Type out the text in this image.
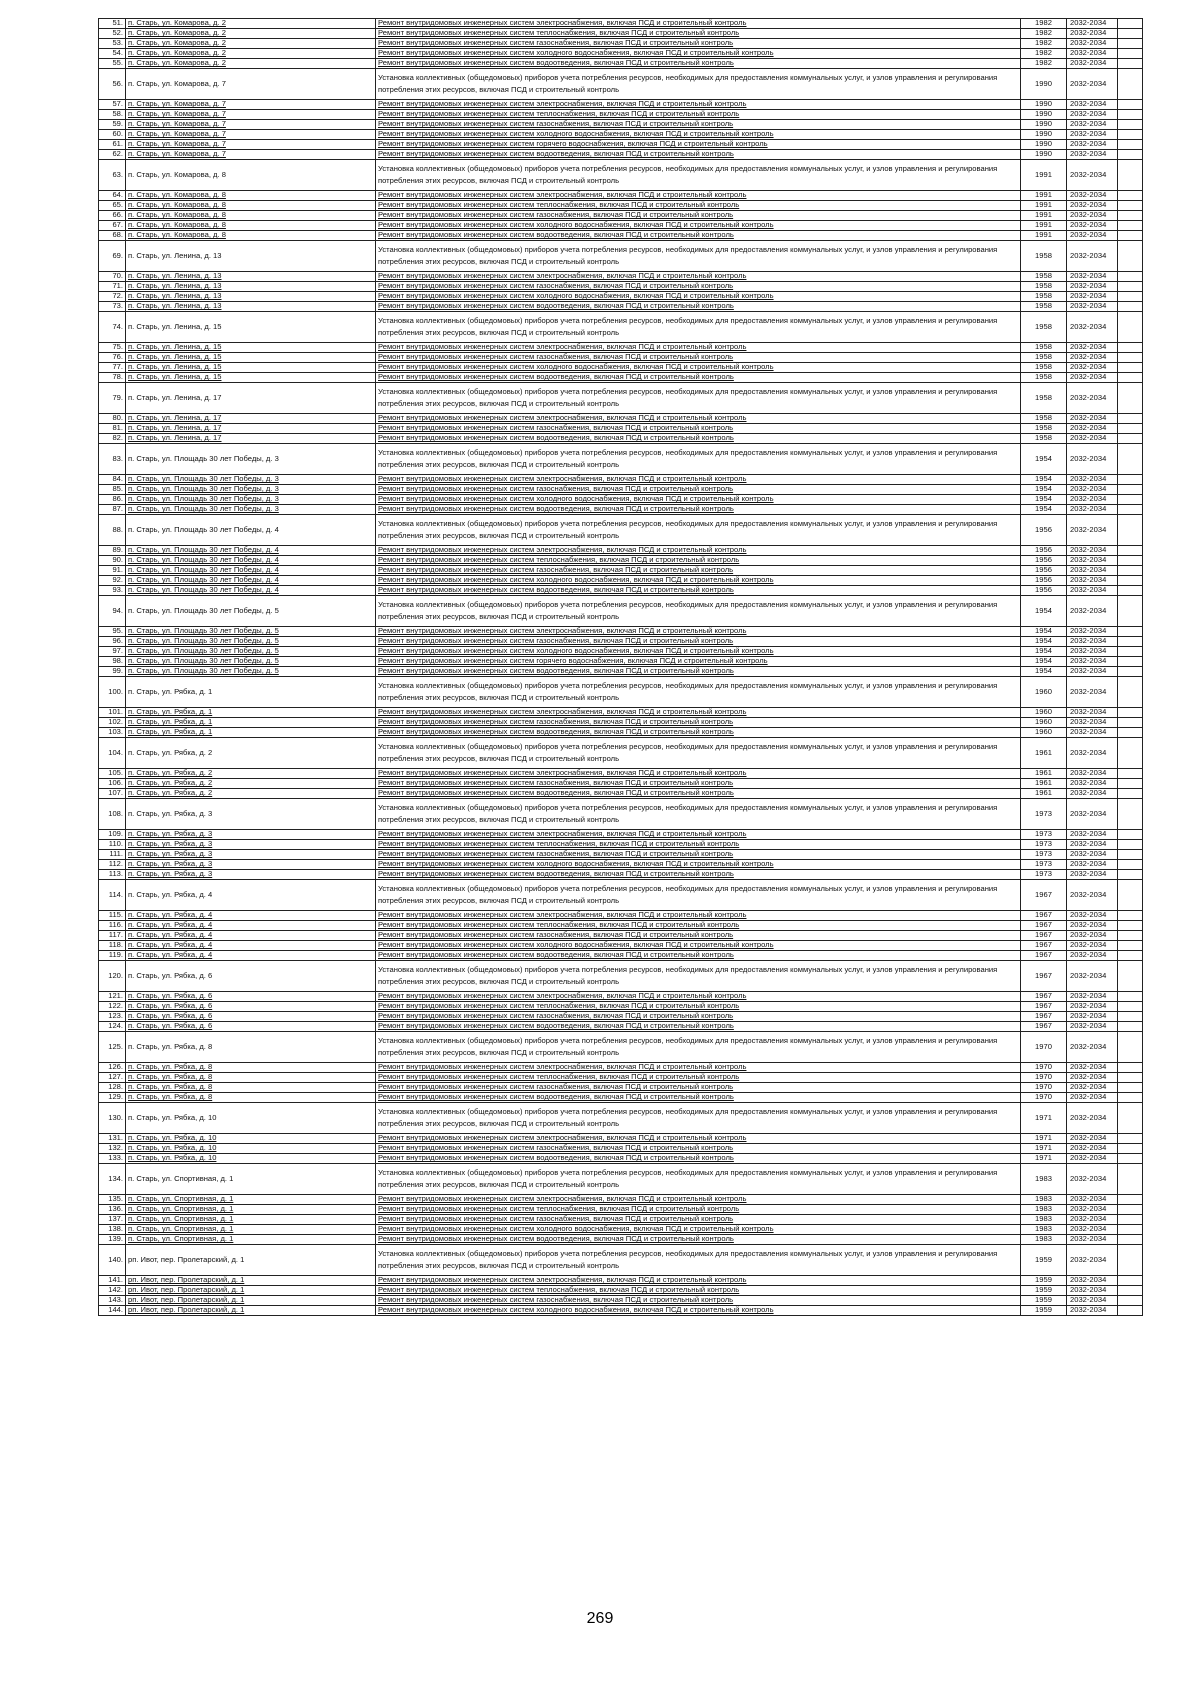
51.	п. Старь, ул. Комарова, д. 2	Ремонт внутридомовых инженерных систем электроснабжения, включая ПСД и строительный контроль	1982	2032-2034	
52.	п. Старь, ул. Комарова, д. 2	Ремонт внутридомовых инженерных систем теплоснабжения, включая ПСД и строительный контроль	1982	2032-2034	
53.	п. Старь, ул. Комарова, д. 2	Ремонт внутридомовых инженерных систем газоснабжения, включая ПСД и строительный контроль	1982	2032-2034	
54.	п. Старь, ул. Комарова, д. 2	Ремонт внутридомовых инженерных систем холодного водоснабжения, включая ПСД и строительный контроль	1982	2032-2034	
55.	п. Старь, ул. Комарова, д. 2	Ремонт внутридомовых инженерных систем водоотведения, включая ПСД и строительный контроль	1982	2032-2034	
56.	п. Старь, ул. Комарова, д. 7	Установка коллективных (общедомовых) приборов учета потребления ресурсов, необходимых для предоставления коммунальных услуг, и узлов управления и регулирования потребления этих ресурсов, включая ПСД и строительный контроль	1990	2032-2034	
57.	п. Старь, ул. Комарова, д. 7	Ремонт внутридомовых инженерных систем электроснабжения, включая ПСД и строительный контроль	1990	2032-2034	
58.	п. Старь, ул. Комарова, д. 7	Ремонт внутридомовых инженерных систем теплоснабжения, включая ПСД и строительный контроль	1990	2032-2034	
59.	п. Старь, ул. Комарова, д. 7	Ремонт внутридомовых инженерных систем газоснабжения, включая ПСД и строительный контроль	1990	2032-2034	
60.	п. Старь, ул. Комарова, д. 7	Ремонт внутридомовых инженерных систем холодного водоснабжения, включая ПСД и строительный контроль	1990	2032-2034	
61.	п. Старь, ул. Комарова, д. 7	Ремонт внутридомовых инженерных систем горячего водоснабжения, включая ПСД и строительный контроль	1990	2032-2034	
62.	п. Старь, ул. Комарова, д. 7	Ремонт внутридомовых инженерных систем водоотведения, включая ПСД и строительный контроль	1990	2032-2034	
63.	п. Старь, ул. Комарова, д. 8	Установка коллективных (общедомовых) приборов учета потребления ресурсов, необходимых для предоставления коммунальных услуг, и узлов управления и регулирования потребления этих ресурсов, включая ПСД и строительный контроль	1991	2032-2034	
64.	п. Старь, ул. Комарова, д. 8	Ремонт внутридомовых инженерных систем электроснабжения, включая ПСД и строительный контроль	1991	2032-2034	
65.	п. Старь, ул. Комарова, д. 8	Ремонт внутридомовых инженерных систем теплоснабжения, включая ПСД и строительный контроль	1991	2032-2034	
66.	п. Старь, ул. Комарова, д. 8	Ремонт внутридомовых инженерных систем газоснабжения, включая ПСД и строительный контроль	1991	2032-2034	
67.	п. Старь, ул. Комарова, д. 8	Ремонт внутридомовых инженерных систем холодного водоснабжения, включая ПСД и строительный контроль	1991	2032-2034	
68.	п. Старь, ул. Комарова, д. 8	Ремонт внутридомовых инженерных систем водоотведения, включая ПСД и строительный контроль	1991	2032-2034	
69.	п. Старь, ул. Ленина, д. 13	Установка коллективных (общедомовых) приборов учета потребления ресурсов, необходимых для предоставления коммунальных услуг, и узлов управления и регулирования потребления этих ресурсов, включая ПСД и строительный контроль	1958	2032-2034	
70.	п. Старь, ул. Ленина, д. 13	Ремонт внутридомовых инженерных систем электроснабжения, включая ПСД и строительный контроль	1958	2032-2034	
71.	п. Старь, ул. Ленина, д. 13	Ремонт внутридомовых инженерных систем газоснабжения, включая ПСД и строительный контроль	1958	2032-2034	
72.	п. Старь, ул. Ленина, д. 13	Ремонт внутридомовых инженерных систем холодного водоснабжения, включая ПСД и строительный контроль	1958	2032-2034	
73.	п. Старь, ул. Ленина, д. 13	Ремонт внутридомовых инженерных систем водоотведения, включая ПСД и строительный контроль	1958	2032-2034	
74.	п. Старь, ул. Ленина, д. 15	Установка коллективных (общедомовых) приборов учета потребления ресурсов, необходимых для предоставления коммунальных услуг, и узлов управления и регулирования потребления этих ресурсов, включая ПСД и строительный контроль	1958	2032-2034	
75.	п. Старь, ул. Ленина, д. 15	Ремонт внутридомовых инженерных систем электроснабжения, включая ПСД и строительный контроль	1958	2032-2034	
76.	п. Старь, ул. Ленина, д. 15	Ремонт внутридомовых инженерных систем газоснабжения, включая ПСД и строительный контроль	1958	2032-2034	
77.	п. Старь, ул. Ленина, д. 15	Ремонт внутридомовых инженерных систем холодного водоснабжения, включая ПСД и строительный контроль	1958	2032-2034	
78.	п. Старь, ул. Ленина, д. 15	Ремонт внутридомовых инженерных систем водоотведения, включая ПСД и строительный контроль	1958	2032-2034	
79.	п. Старь, ул. Ленина, д. 17	Установка коллективных (общедомовых) приборов учета потребления ресурсов, необходимых для предоставления коммунальных услуг, и узлов управления и регулирования потребления этих ресурсов, включая ПСД и строительный контроль	1958	2032-2034	
80.	п. Старь, ул. Ленина, д. 17	Ремонт внутридомовых инженерных систем электроснабжения, включая ПСД и строительный контроль	1958	2032-2034	
81.	п. Старь, ул. Ленина, д. 17	Ремонт внутридомовых инженерных систем газоснабжения, включая ПСД и строительный контроль	1958	2032-2034	
82.	п. Старь, ул. Ленина, д. 17	Ремонт внутридомовых инженерных систем водоотведения, включая ПСД и строительный контроль	1958	2032-2034	
83.	п. Старь, ул. Площадь 30 лет Победы, д. 3	Установка коллективных (общедомовых) приборов учета потребления ресурсов, необходимых для предоставления коммунальных услуг, и узлов управления и регулирования потребления этих ресурсов, включая ПСД и строительный контроль	1954	2032-2034	
84.	п. Старь, ул. Площадь 30 лет Победы, д. 3	Ремонт внутридомовых инженерных систем электроснабжения, включая ПСД и строительный контроль	1954	2032-2034	
85.	п. Старь, ул. Площадь 30 лет Победы, д. 3	Ремонт внутридомовых инженерных систем газоснабжения, включая ПСД и строительный контроль	1954	2032-2034	
86.	п. Старь, ул. Площадь 30 лет Победы, д. 3	Ремонт внутридомовых инженерных систем холодного водоснабжения, включая ПСД и строительный контроль	1954	2032-2034	
87.	п. Старь, ул. Площадь 30 лет Победы, д. 3	Ремонт внутридомовых инженерных систем водоотведения, включая ПСД и строительный контроль	1954	2032-2034	
88.	п. Старь, ул. Площадь 30 лет Победы, д. 4	Установка коллективных (общедомовых) приборов учета потребления ресурсов, необходимых для предоставления коммунальных услуг, и узлов управления и регулирования потребления этих ресурсов, включая ПСД и строительный контроль	1956	2032-2034	
89.	п. Старь, ул. Площадь 30 лет Победы, д. 4	Ремонт внутридомовых инженерных систем электроснабжения, включая ПСД и строительный контроль	1956	2032-2034	
90.	п. Старь, ул. Площадь 30 лет Победы, д. 4	Ремонт внутридомовых инженерных систем теплоснабжения, включая ПСД и строительный контроль	1956	2032-2034	
91.	п. Старь, ул. Площадь 30 лет Победы, д. 4	Ремонт внутридомовых инженерных систем газоснабжения, включая ПСД и строительный контроль	1956	2032-2034	
92.	п. Старь, ул. Площадь 30 лет Победы, д. 4	Ремонт внутридомовых инженерных систем холодного водоснабжения, включая ПСД и строительный контроль	1956	2032-2034	
93.	п. Старь, ул. Площадь 30 лет Победы, д. 4	Ремонт внутридомовых инженерных систем водоотведения, включая ПСД и строительный контроль	1956	2032-2034	
94.	п. Старь, ул. Площадь 30 лет Победы, д. 5	Установка коллективных (общедомовых) приборов учета потребления ресурсов, необходимых для предоставления коммунальных услуг, и узлов управления и регулирования потребления этих ресурсов, включая ПСД и строительный контроль	1954	2032-2034	
95.	п. Старь, ул. Площадь 30 лет Победы, д. 5	Ремонт внутридомовых инженерных систем электроснабжения, включая ПСД и строительный контроль	1954	2032-2034	
96.	п. Старь, ул. Площадь 30 лет Победы, д. 5	Ремонт внутридомовых инженерных систем газоснабжения, включая ПСД и строительный контроль	1954	2032-2034	
97.	п. Старь, ул. Площадь 30 лет Победы, д. 5	Ремонт внутридомовых инженерных систем холодного водоснабжения, включая ПСД и строительный контроль	1954	2032-2034	
98.	п. Старь, ул. Площадь 30 лет Победы, д. 5	Ремонт внутридомовых инженерных систем горячего водоснабжения, включая ПСД и строительный контроль	1954	2032-2034	
99.	п. Старь, ул. Площадь 30 лет Победы, д. 5	Ремонт внутридомовых инженерных систем водоотведения, включая ПСД и строительный контроль	1954	2032-2034	
100.	п. Старь, ул. Рябка, д. 1	Установка коллективных (общедомовых) приборов учета потребления ресурсов, необходимых для предоставления коммунальных услуг, и узлов управления и регулирования потребления этих ресурсов, включая ПСД и строительный контроль	1960	2032-2034	
101.	п. Старь, ул. Рябка, д. 1	Ремонт внутридомовых инженерных систем электроснабжения, включая ПСД и строительный контроль	1960	2032-2034	
102.	п. Старь, ул. Рябка, д. 1	Ремонт внутридомовых инженерных систем газоснабжения, включая ПСД и строительный контроль	1960	2032-2034	
103.	п. Старь, ул. Рябка, д. 1	Ремонт внутридомовых инженерных систем водоотведения, включая ПСД и строительный контроль	1960	2032-2034	
104.	п. Старь, ул. Рябка, д. 2	Установка коллективных (общедомовых) приборов учета потребления ресурсов, необходимых для предоставления коммунальных услуг, и узлов управления и регулирования потребления этих ресурсов, включая ПСД и строительный контроль	1961	2032-2034	
105.	п. Старь, ул. Рябка, д. 2	Ремонт внутридомовых инженерных систем электроснабжения, включая ПСД и строительный контроль	1961	2032-2034	
106.	п. Старь, ул. Рябка, д. 2	Ремонт внутридомовых инженерных систем газоснабжения, включая ПСД и строительный контроль	1961	2032-2034	
107.	п. Старь, ул. Рябка, д. 2	Ремонт внутридомовых инженерных систем водоотведения, включая ПСД и строительный контроль	1961	2032-2034	
108.	п. Старь, ул. Рябка, д. 3	Установка коллективных (общедомовых) приборов учета потребления ресурсов, необходимых для предоставления коммунальных услуг, и узлов управления и регулирования потребления этих ресурсов, включая ПСД и строительный контроль	1973	2032-2034	
109.	п. Старь, ул. Рябка, д. 3	Ремонт внутридомовых инженерных систем электроснабжения, включая ПСД и строительный контроль	1973	2032-2034	
110.	п. Старь, ул. Рябка, д. 3	Ремонт внутридомовых инженерных систем теплоснабжения, включая ПСД и строительный контроль	1973	2032-2034	
111.	п. Старь, ул. Рябка, д. 3	Ремонт внутридомовых инженерных систем газоснабжения, включая ПСД и строительный контроль	1973	2032-2034	
112.	п. Старь, ул. Рябка, д. 3	Ремонт внутридомовых инженерных систем холодного водоснабжения, включая ПСД и строительный контроль	1973	2032-2034	
113.	п. Старь, ул. Рябка, д. 3	Ремонт внутридомовых инженерных систем водоотведения, включая ПСД и строительный контроль	1973	2032-2034	
114.	п. Старь, ул. Рябка, д. 4	Установка коллективных (общедомовых) приборов учета потребления ресурсов, необходимых для предоставления коммунальных услуг, и узлов управления и регулирования потребления этих ресурсов, включая ПСД и строительный контроль	1967	2032-2034	
115.	п. Старь, ул. Рябка, д. 4	Ремонт внутридомовых инженерных систем электроснабжения, включая ПСД и строительный контроль	1967	2032-2034	
116.	п. Старь, ул. Рябка, д. 4	Ремонт внутридомовых инженерных систем теплоснабжения, включая ПСД и строительный контроль	1967	2032-2034	
117.	п. Старь, ул. Рябка, д. 4	Ремонт внутридомовых инженерных систем газоснабжения, включая ПСД и строительный контроль	1967	2032-2034	
118.	п. Старь, ул. Рябка, д. 4	Ремонт внутридомовых инженерных систем холодного водоснабжения, включая ПСД и строительный контроль	1967	2032-2034	
119.	п. Старь, ул. Рябка, д. 4	Ремонт внутридомовых инженерных систем водоотведения, включая ПСД и строительный контроль	1967	2032-2034	
120.	п. Старь, ул. Рябка, д. 6	Установка коллективных (общедомовых) приборов учета потребления ресурсов, необходимых для предоставления коммунальных услуг, и узлов управления и регулирования потребления этих ресурсов, включая ПСД и строительный контроль	1967	2032-2034	
121.	п. Старь, ул. Рябка, д. 6	Ремонт внутридомовых инженерных систем электроснабжения, включая ПСД и строительный контроль	1967	2032-2034	
122.	п. Старь, ул. Рябка, д. 6	Ремонт внутридомовых инженерных систем теплоснабжения, включая ПСД и строительный контроль	1967	2032-2034	
123.	п. Старь, ул. Рябка, д. 6	Ремонт внутридомовых инженерных систем газоснабжения, включая ПСД и строительный контроль	1967	2032-2034	
124.	п. Старь, ул. Рябка, д. 6	Ремонт внутридомовых инженерных систем водоотведения, включая ПСД и строительный контроль	1967	2032-2034	
125.	п. Старь, ул. Рябка, д. 8	Установка коллективных (общедомовых) приборов учета потребления ресурсов, необходимых для предоставления коммунальных услуг, и узлов управления и регулирования потребления этих ресурсов, включая ПСД и строительный контроль	1970	2032-2034	
126.	п. Старь, ул. Рябка, д. 8	Ремонт внутридомовых инженерных систем электроснабжения, включая ПСД и строительный контроль	1970	2032-2034	
127.	п. Старь, ул. Рябка, д. 8	Ремонт внутридомовых инженерных систем теплоснабжения, включая ПСД и строительный контроль	1970	2032-2034	
128.	п. Старь, ул. Рябка, д. 8	Ремонт внутридомовых инженерных систем газоснабжения, включая ПСД и строительный контроль	1970	2032-2034	
129.	п. Старь, ул. Рябка, д. 8	Ремонт внутридомовых инженерных систем водоотведения, включая ПСД и строительный контроль	1970	2032-2034	
130.	п. Старь, ул. Рябка, д. 10	Установка коллективных (общедомовых) приборов учета потребления ресурсов, необходимых для предоставления коммунальных услуг, и узлов управления и регулирования потребления этих ресурсов, включая ПСД и строительный контроль	1971	2032-2034	
131.	п. Старь, ул. Рябка, д. 10	Ремонт внутридомовых инженерных систем электроснабжения, включая ПСД и строительный контроль	1971	2032-2034	
132.	п. Старь, ул. Рябка, д. 10	Ремонт внутридомовых инженерных систем газоснабжения, включая ПСД и строительный контроль	1971	2032-2034	
133.	п. Старь, ул. Рябка, д. 10	Ремонт внутридомовых инженерных систем водоотведения, включая ПСД и строительный контроль	1971	2032-2034	
134.	п. Старь, ул. Спортивная, д. 1	Установка коллективных (общедомовых) приборов учета потребления ресурсов, необходимых для предоставления коммунальных услуг, и узлов управления и регулирования потребления этих ресурсов, включая ПСД и строительный контроль	1983	2032-2034	
135.	п. Старь, ул. Спортивная, д. 1	Ремонт внутридомовых инженерных систем электроснабжения, включая ПСД и строительный контроль	1983	2032-2034	
136.	п. Старь, ул. Спортивная, д. 1	Ремонт внутридомовых инженерных систем теплоснабжения, включая ПСД и строительный контроль	1983	2032-2034	
137.	п. Старь, ул. Спортивная, д. 1	Ремонт внутридомовых инженерных систем газоснабжения, включая ПСД и строительный контроль	1983	2032-2034	
138.	п. Старь, ул. Спортивная, д. 1	Ремонт внутридомовых инженерных систем холодного водоснабжения, включая ПСД и строительный контроль	1983	2032-2034	
139.	п. Старь, ул. Спортивная, д. 1	Ремонт внутридомовых инженерных систем водоотведения, включая ПСД и строительный контроль	1983	2032-2034	
140.	рп. Ивот, пер. Пролетарский, д. 1	Установка коллективных (общедомовых) приборов учета потребления ресурсов, необходимых для предоставления коммунальных услуг, и узлов управления и регулирования потребления этих ресурсов, включая ПСД и строительный контроль	1959	2032-2034	
141.	рп. Ивот, пер. Пролетарский, д. 1	Ремонт внутридомовых инженерных систем электроснабжения, включая ПСД и строительный контроль	1959	2032-2034	
142.	рп. Ивот, пер. Пролетарский, д. 1	Ремонт внутридомовых инженерных систем теплоснабжения, включая ПСД и строительный контроль	1959	2032-2034	
143.	рп. Ивот, пер. Пролетарский, д. 1	Ремонт внутридомовых инженерных систем газоснабжения, включая ПСД и строительный контроль	1959	2032-2034	
144.	рп. Ивот, пер. Пролетарский, д. 1	Ремонт внутридомовых инженерных систем холодного водоснабжения, включая ПСД и строительный контроль	1959	2032-2034	
269
